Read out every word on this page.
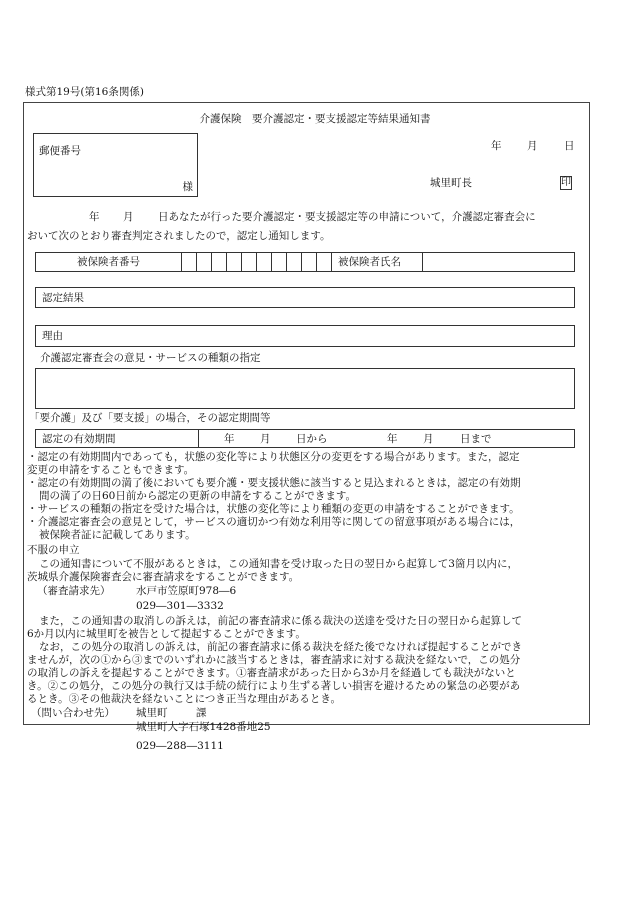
様式第19号(第16条関係)
介護保険　要介護認定・要支援認定等結果通知書
郵便番号
様
年 月	日
城里町長	印
年 月 日あなたが行った要介護認定・要支援認定等の申請について，介護認定審査会に
おいて次のとおり審査判定されましたので，認定し通知します。
被保険者番号	被保険者氏名
認定結果
理由
介護認定審査会の意見・サービスの種類の指定
「要介護」及び「要支援」の場合，その認定期間等
認定の有効期間	年 月 日から	年 月	日まで
・認定の有効期間内であっても，状態の変化等により状態区分の変更をする場合があります。また，認定
変更の申請をすることもできます。
・認定の有効期間の満了後においても要介護・要支援状態に該当すると見込まれるときは，認定の有効期
間の満了の日60日前から認定の更新の申請をすることができます。
・サービスの種類の指定を受けた場合は，状態の変化等により種類の変更の申請をすることができます。
・介護認定審査会の意見として，サービスの適切かつ有効な利用等に関しての留意事項がある場合には，
被保険者証に記載してあります。
不服の申立
この通知書について不服があるときは，この通知書を受け取った日の翌日から起算して3箇月以内に，
茨城県介護保険審査会に審査請求をすることができます。
（審査請求先） 水戸市笠原町978―6
029―301―3332
また，この通知書の取消しの訴えは，前記の審査請求に係る裁決の送達を受けた日の翌日から起算して
6か月以内に城里町を被告として提起することができます。
なお，この処分の取消しの訴えは，前記の審査請求に係る裁決を経た後でなければ提起することができ
ませんが，次の①から③までのいずれかに該当するときは，審査請求に対する裁決を経ないで，この処分
の取消しの訴えを提起することができます。①審査請求があった日から3か月を経過しても裁決がないと
き。②この処分，この処分の執行又は手続の続行により生ずる著しい損害を避けるための緊急の必要があ
るとき。③その他裁決を経ないことにつき正当な理由があるとき。
（問い合わせ先） 城里町	課
城里町大字石塚1428番地25
029―288―3111
